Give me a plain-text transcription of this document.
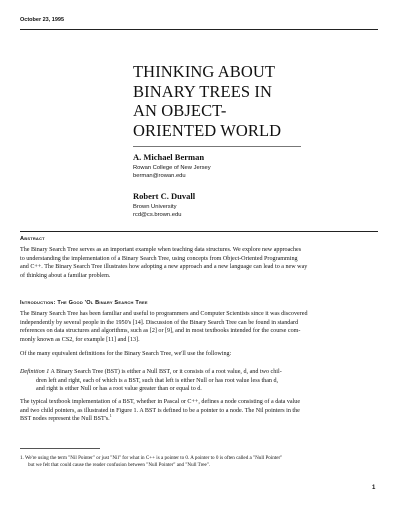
October 23, 1995
THINKING ABOUT
BINARY TREES IN
AN OBJECT-
ORIENTED WORLD
A. Michael Berman
Rowan College of New Jersey
berman@rowan.edu
Robert C. Duvall
Brown University
rcd@cs.brown.edu
Abstract
The Binary Search Tree serves as an important example when teaching data structures. We explore new approaches
to understanding the implementation of a Binary Search Tree, using concepts from Object-Oriented Programming
and C++. The Binary Search Tree illustrates how adopting a new approach and a new language can lead to a new way
of thinking about a familiar problem.
Introduction: The Good 'Ol Binary Search Tree
The Binary Search Tree has been familiar and useful to programmers and Computer Scientists since it was discovered
independently by several people in the 1950's [14]. Discussion of the Binary Search Tree can be found in standard
references on data structures and algorithms, such as [2] or [9], and in most textbooks intended for the course com-
monly known as CS2, for example [11] and [13].
Of the many equivalent definitions for the Binary Search Tree, we'll use the following:
Definition 1 A Binary Search Tree (BST) is either a Null BST, or it consists of a root value, d, and two chil-
dren left and right, each of which is a BST, such that left is either Null or has root value less than d,
and right is either Null or has a root value greater than or equal to d.
The typical textbook implementation of a BST, whether in Pascal or C++, defines a node consisting of a data value
and two child pointers, as illustrated in Figure 1. A BST is defined to be a pointer to a node. The Nil pointers in the
BST nodes represent the Null BST's.$^1$
1. We're using the term "Nil Pointer" or just "Nil" for what in C++ is a pointer to 0. A pointer to 0 is often called a "Null Pointer"
but we felt that could cause the reader confusion between "Null Pointer" and "Null Tree".
1
